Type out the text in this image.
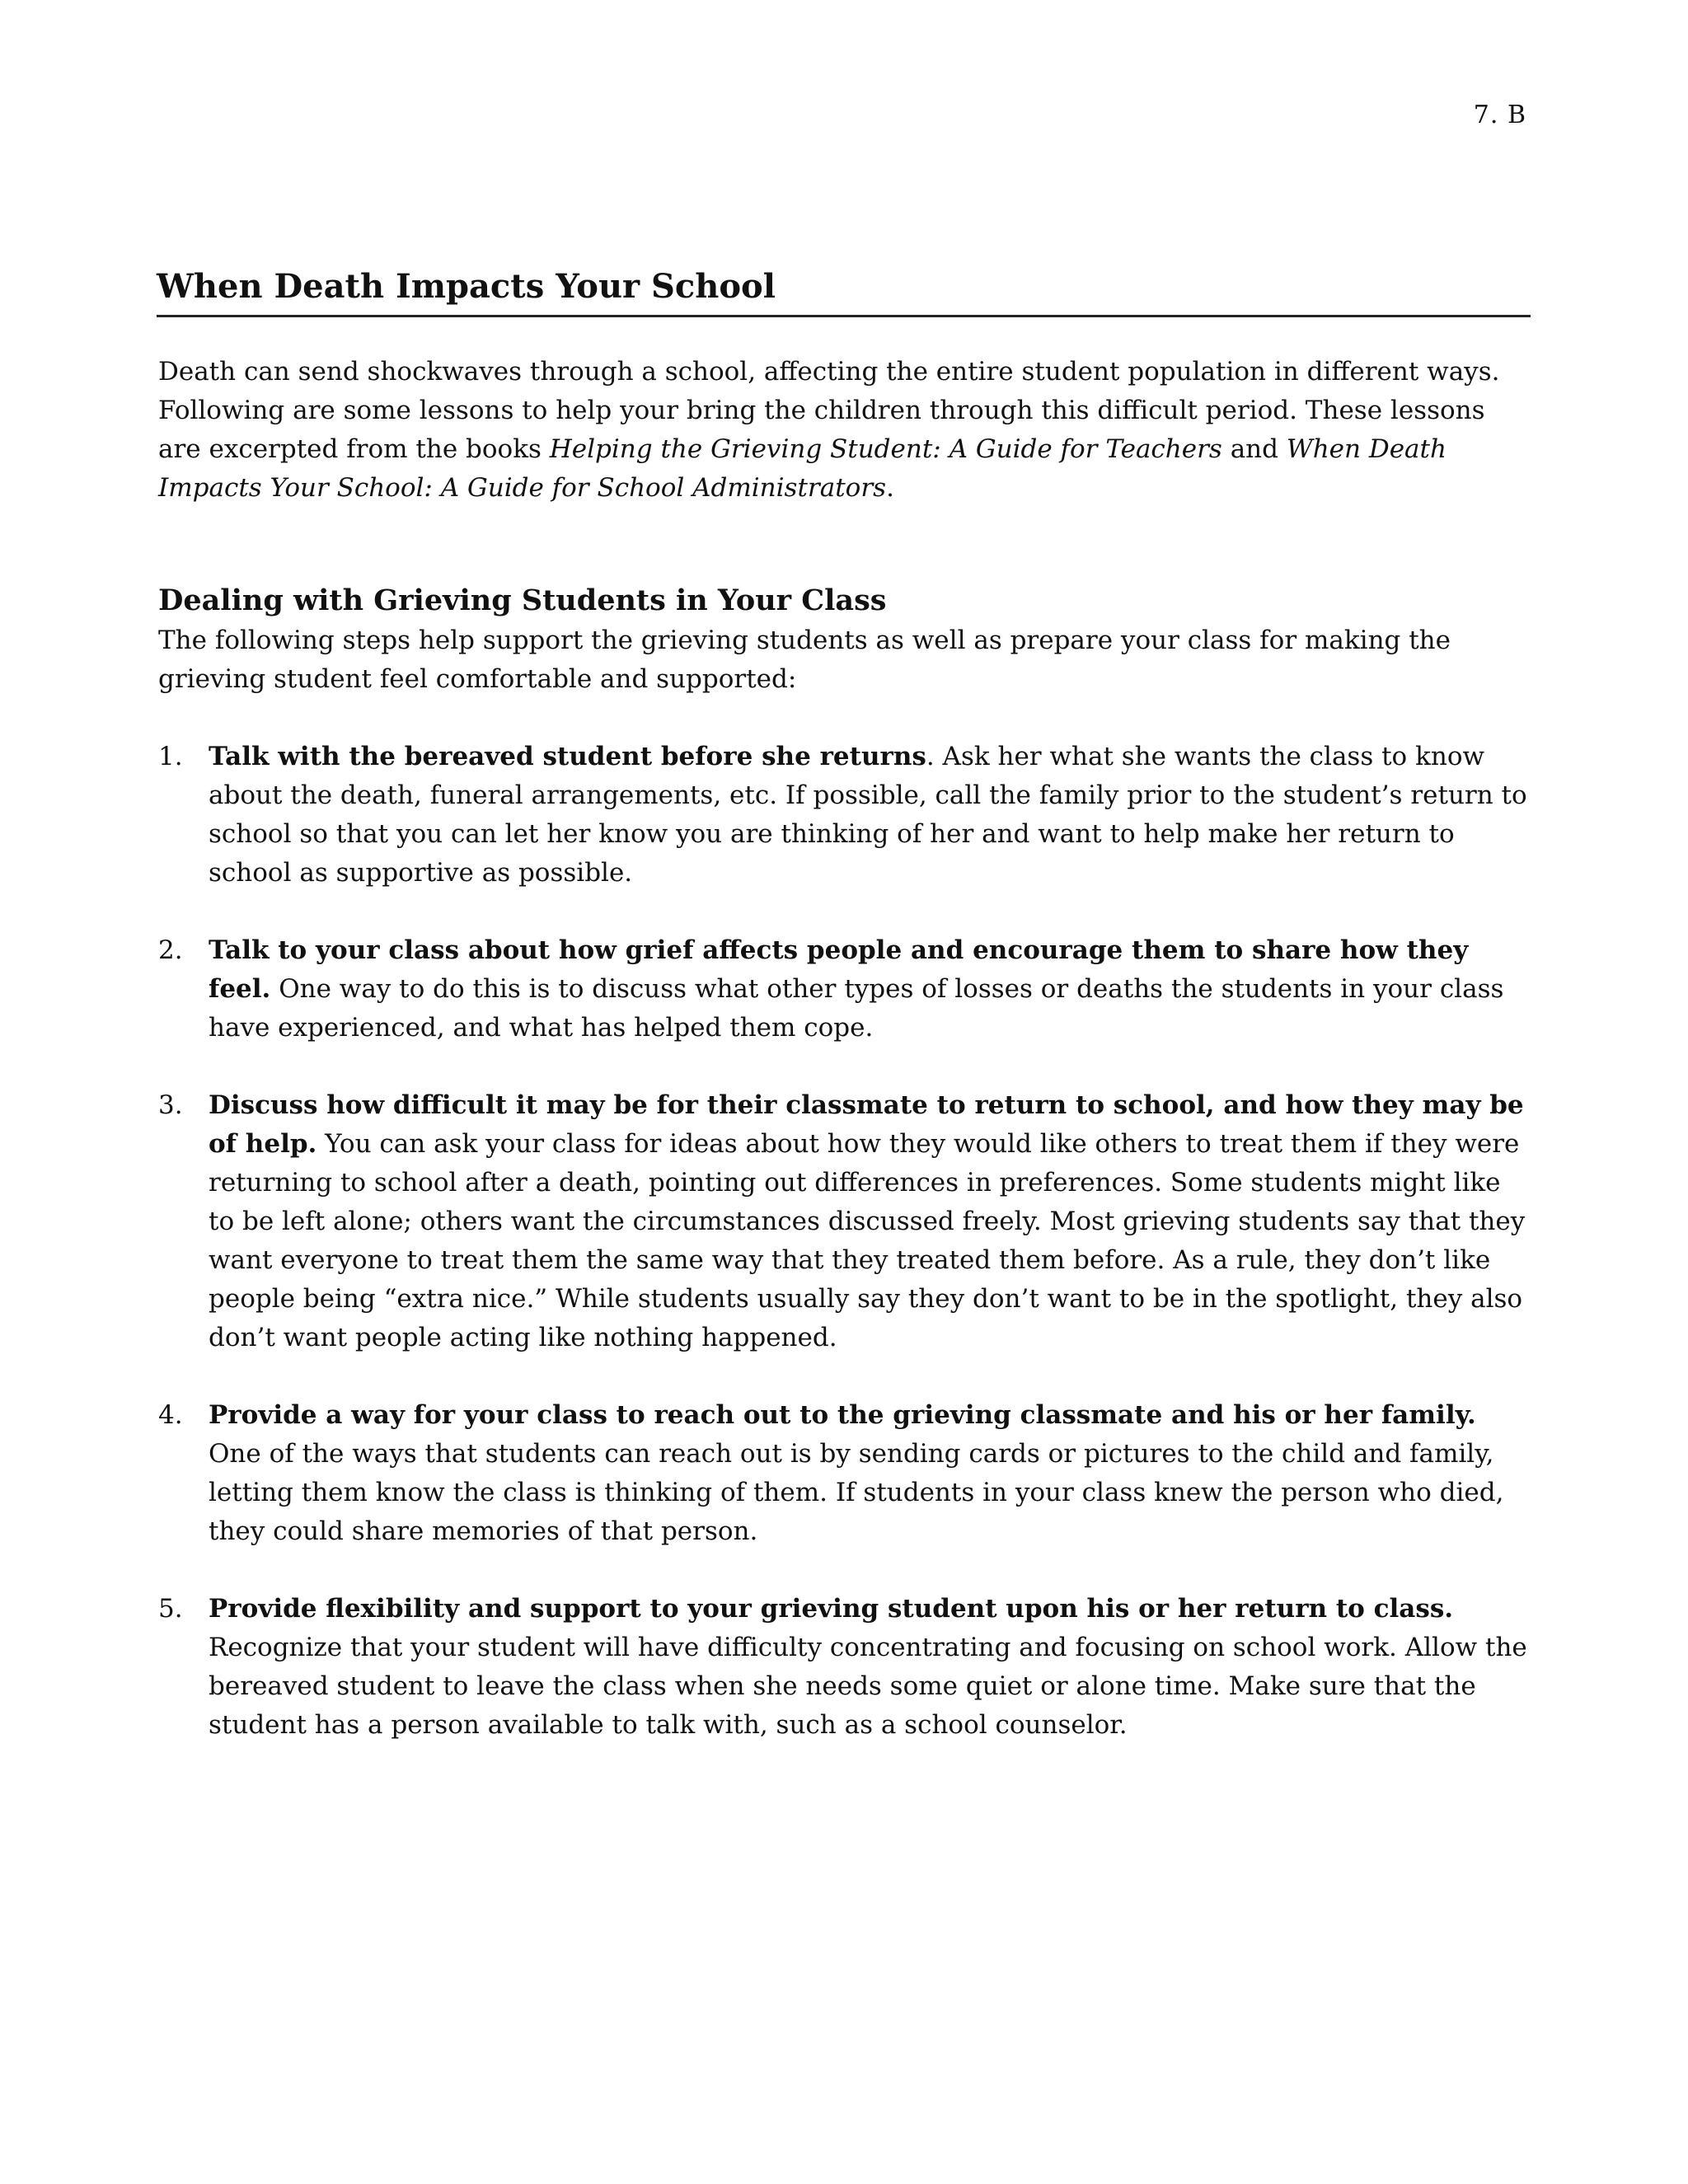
7. B
When Death Impacts Your School

Death can send shockwaves through a school, affecting the entire student population in different ways. Following are some lessons to help your bring the children through this difficult period. These lessons are excerpted from the books Helping the Grieving Student: A Guide for Teachers and When Death Impacts Your School: A Guide for School Administrators.

Dealing with Grieving Students in Your Class

The following steps help support the grieving students as well as prepare your class for making the grieving student feel comfortable and supported:

1. Talk with the bereaved student before she returns. Ask her what she wants the class to know about the death, funeral arrangements, etc. If possible, call the family prior to the student’s return to school so that you can let her know you are thinking of her and want to help make her return to school as supportive as possible.
2. Talk to your class about how grief affects people and encourage them to share how they feel. One way to do this is to discuss what other types of losses or deaths the students in your class have experienced, and what has helped them cope.
3. Discuss how difficult it may be for their classmate to return to school, and how they may be of help. You can ask your class for ideas about how they would like others to treat them if they were returning to school after a death, pointing out differences in preferences. Some students might like to be left alone; others want the circumstances discussed freely. Most grieving students say that they want everyone to treat them the same way that they treated them before. As a rule, they don’t like people being “extra nice.” While students usually say they don’t want to be in the spotlight, they also don’t want people acting like nothing happened.
4. Provide a way for your class to reach out to the grieving classmate and his or her family. One of the ways that students can reach out is by sending cards or pictures to the child and family, letting them know the class is thinking of them. If students in your class knew the person who died, they could share memories of that person.
5. Provide flexibility and support to your grieving student upon his or her return to class. Recognize that your student will have difficulty concentrating and focusing on school work. Allow the bereaved student to leave the class when she needs some quiet or alone time. Make sure that the student has a person available to talk with, such as a school counselor.
